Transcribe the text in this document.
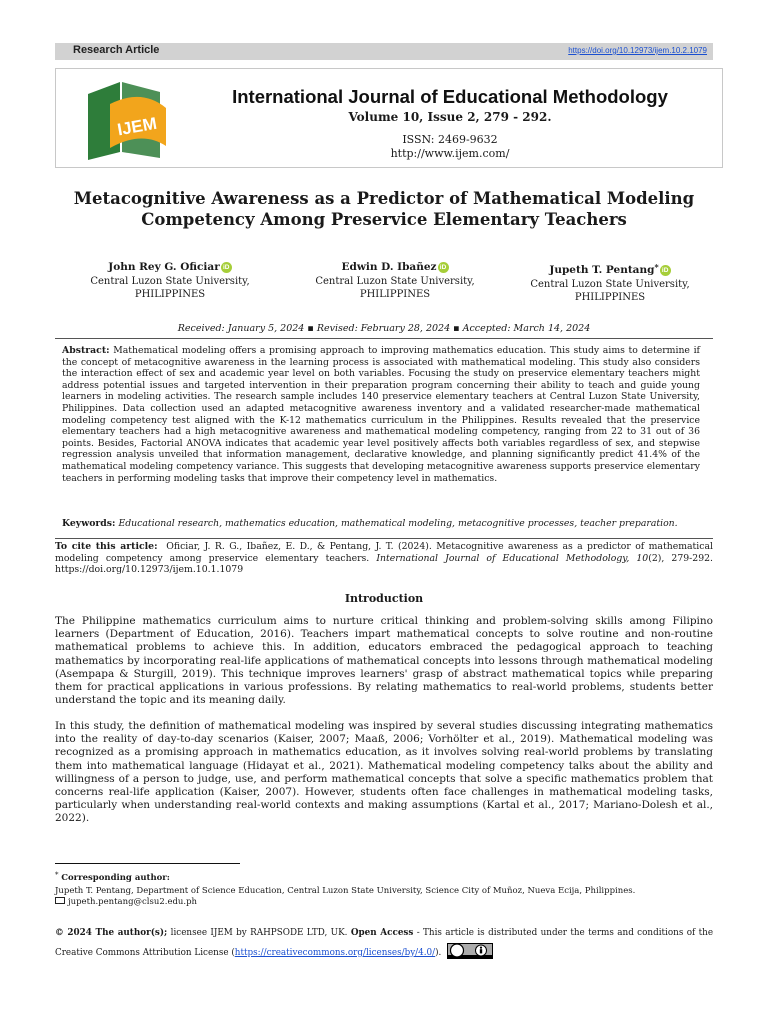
Research Article	https://doi.org/10.12973/ijem.10.2.1079
IJEM
International Journal of Educational Methodology
Volume 10, Issue 2, 279 - 292.
ISSN: 2469-9632
http://www.ijem.com/
Metacognitive Awareness as a Predictor of Mathematical Modeling
Competency Among Preservice Elementary Teachers
John Rey G. Oficiar iD
Central Luzon State University,
PHILIPPINES
Edwin D. Ibañez iD
Central Luzon State University,
PHILIPPINES
Jupeth T. Pentang* iD
Central Luzon State University,
PHILIPPINES
Received: January 5, 2024 ▪ Revised: February 28, 2024 ▪ Accepted: March 14, 2024
Abstract: Mathematical modeling offers a promising approach to improving mathematics education. This study aims to determine if the concept of metacognitive awareness in the learning process is associated with mathematical modeling. This study also considers the interaction effect of sex and academic year level on both variables. Focusing the study on preservice elementary teachers might address potential issues and targeted intervention in their preparation program concerning their ability to teach and guide young learners in modeling activities. The research sample includes 140 preservice elementary teachers at Central Luzon State University, Philippines. Data collection used an adapted metacognitive awareness inventory and a validated researcher-made mathematical modeling competency test aligned with the K-12 mathematics curriculum in the Philippines. Results revealed that the preservice elementary teachers had a high metacognitive awareness and mathematical modeling competency, ranging from 22 to 31 out of 36 points. Besides, Factorial ANOVA indicates that academic year level positively affects both variables regardless of sex, and stepwise regression analysis unveiled that information management, declarative knowledge, and planning significantly predict 41.4% of the mathematical modeling competency variance. This suggests that developing metacognitive awareness supports preservice elementary teachers in performing modeling tasks that improve their competency level in mathematics.
Keywords: Educational research, mathematics education, mathematical modeling, metacognitive processes, teacher preparation.
To cite this article: Oficiar, J. R. G., Ibañez, E. D., & Pentang, J. T. (2024). Metacognitive awareness as a predictor of mathematical modeling competency among preservice elementary teachers. International Journal of Educational Methodology, 10(2), 279-292. https://doi.org/10.12973/ijem.10.1.1079
Introduction
The Philippine mathematics curriculum aims to nurture critical thinking and problem-solving skills among Filipino learners (Department of Education, 2016). Teachers impart mathematical concepts to solve routine and non-routine mathematical problems to achieve this. In addition, educators embraced the pedagogical approach to teaching mathematics by incorporating real-life applications of mathematical concepts into lessons through mathematical modeling (Asempapa & Sturgill, 2019). This technique improves learners' grasp of abstract mathematical topics while preparing them for practical applications in various professions. By relating mathematics to real-world problems, students better understand the topic and its meaning daily.
In this study, the definition of mathematical modeling was inspired by several studies discussing integrating mathematics into the reality of day-to-day scenarios (Kaiser, 2007; Maaß, 2006; Vorhölter et al., 2019). Mathematical modeling was recognized as a promising approach in mathematics education, as it involves solving real-world problems by translating them into mathematical language (Hidayat et al., 2021). Mathematical modeling competency talks about the ability and willingness of a person to judge, use, and perform mathematical concepts that solve a specific mathematics problem that concerns real-life application (Kaiser, 2007). However, students often face challenges in mathematical modeling tasks, particularly when understanding real-world contexts and making assumptions (Kartal et al., 2017; Mariano-Dolesh et al., 2022).
* Corresponding author:
Jupeth T. Pentang, Department of Science Education, Central Luzon State University, Science City of Muñoz, Nueva Ecija, Philippines.
jupeth.pentang@clsu2.edu.ph
© 2024 The author(s); licensee IJEM by RAHPSODE LTD, UK. Open Access - This article is distributed under the terms and conditions of the Creative Commons Attribution License (https://creativecommons.org/licenses/by/4.0/).
